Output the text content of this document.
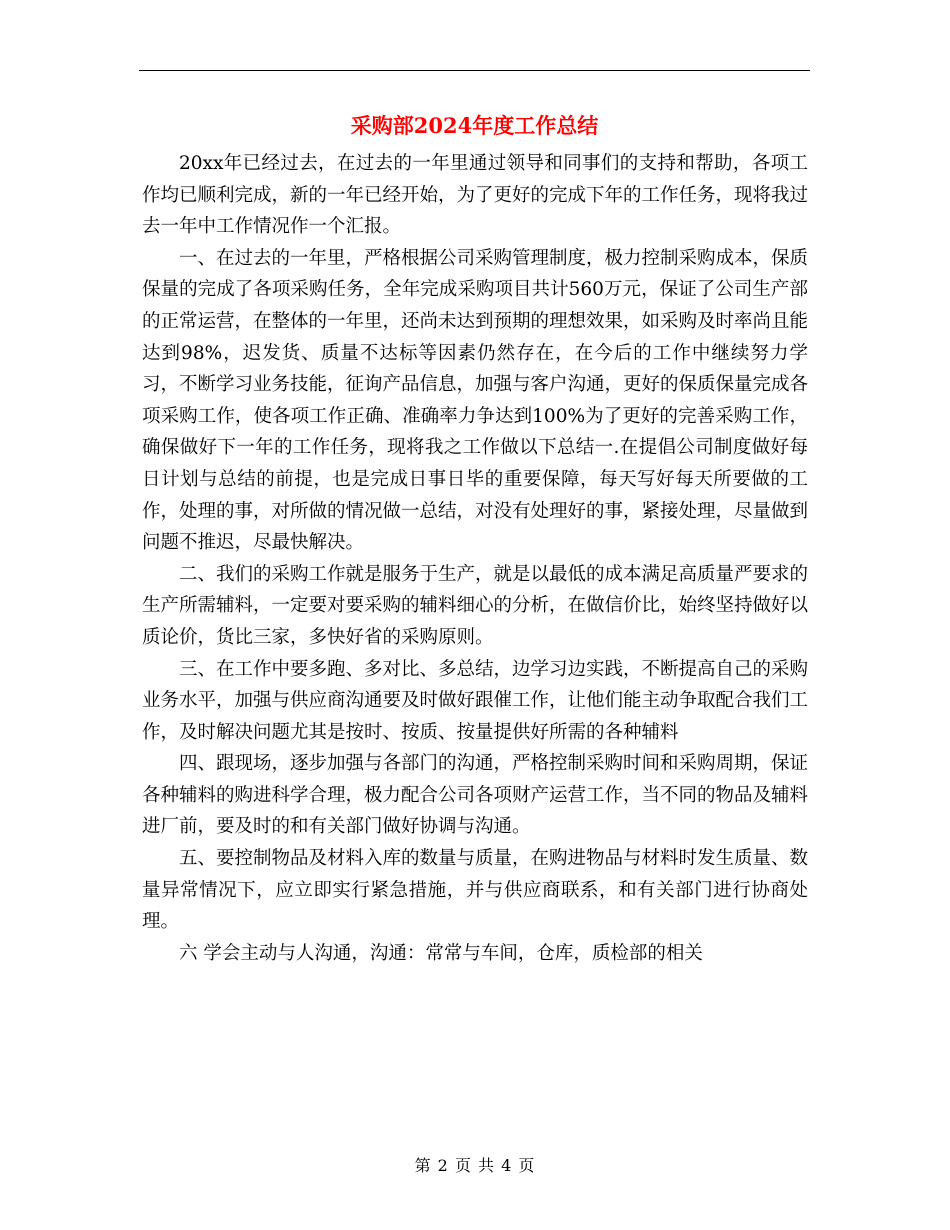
采购部2024年度工作总结

20xx年已经过去，在过去的一年里通过领导和同事们的支持和帮助，各项工作均已顺利完成，新的一年已经开始，为了更好的完成下年的工作任务，现将我过去一年中工作情况作一个汇报。

一、在过去的一年里，严格根据公司采购管理制度，极力控制采购成本，保质保量的完成了各项采购任务，全年完成采购项目共计560万元，保证了公司生产部的正常运营，在整体的一年里，还尚未达到预期的理想效果，如采购及时率尚且能达到98%，迟发货、质量不达标等因素仍然存在，在今后的工作中继续努力学习，不断学习业务技能，征询产品信息，加强与客户沟通，更好的保质保量完成各项采购工作，使各项工作正确、准确率力争达到100%为了更好的完善采购工作，确保做好下一年的工作任务，现将我之工作做以下总结一.在提倡公司制度做好每日计划与总结的前提，也是完成日事日毕的重要保障，每天写好每天所要做的工作，处理的事，对所做的情况做一总结，对没有处理好的事，紧接处理，尽量做到问题不推迟，尽最快解决。

二、我们的采购工作就是服务于生产，就是以最低的成本满足高质量严要求的生产所需辅料，一定要对要采购的辅料细心的分析，在做信价比，始终坚持做好以质论价，货比三家，多快好省的采购原则。

三、在工作中要多跑、多对比、多总结，边学习边实践，不断提高自己的采购业务水平，加强与供应商沟通要及时做好跟催工作，让他们能主动争取配合我们工作，及时解决问题尤其是按时、按质、按量提供好所需的各种辅料

四、跟现场，逐步加强与各部门的沟通，严格控制采购时间和采购周期，保证各种辅料的购进科学合理，极力配合公司各项财产运营工作，当不同的物品及辅料进厂前，要及时的和有关部门做好协调与沟通。

五、要控制物品及材料入库的数量与质量，在购进物品与材料时发生质量、数量异常情况下，应立即实行紧急措施，并与供应商联系，和有关部门进行协商处理。

六 学会主动与人沟通，沟通：常常与车间，仓库，质检部的相关

第 2 页 共 4 页
